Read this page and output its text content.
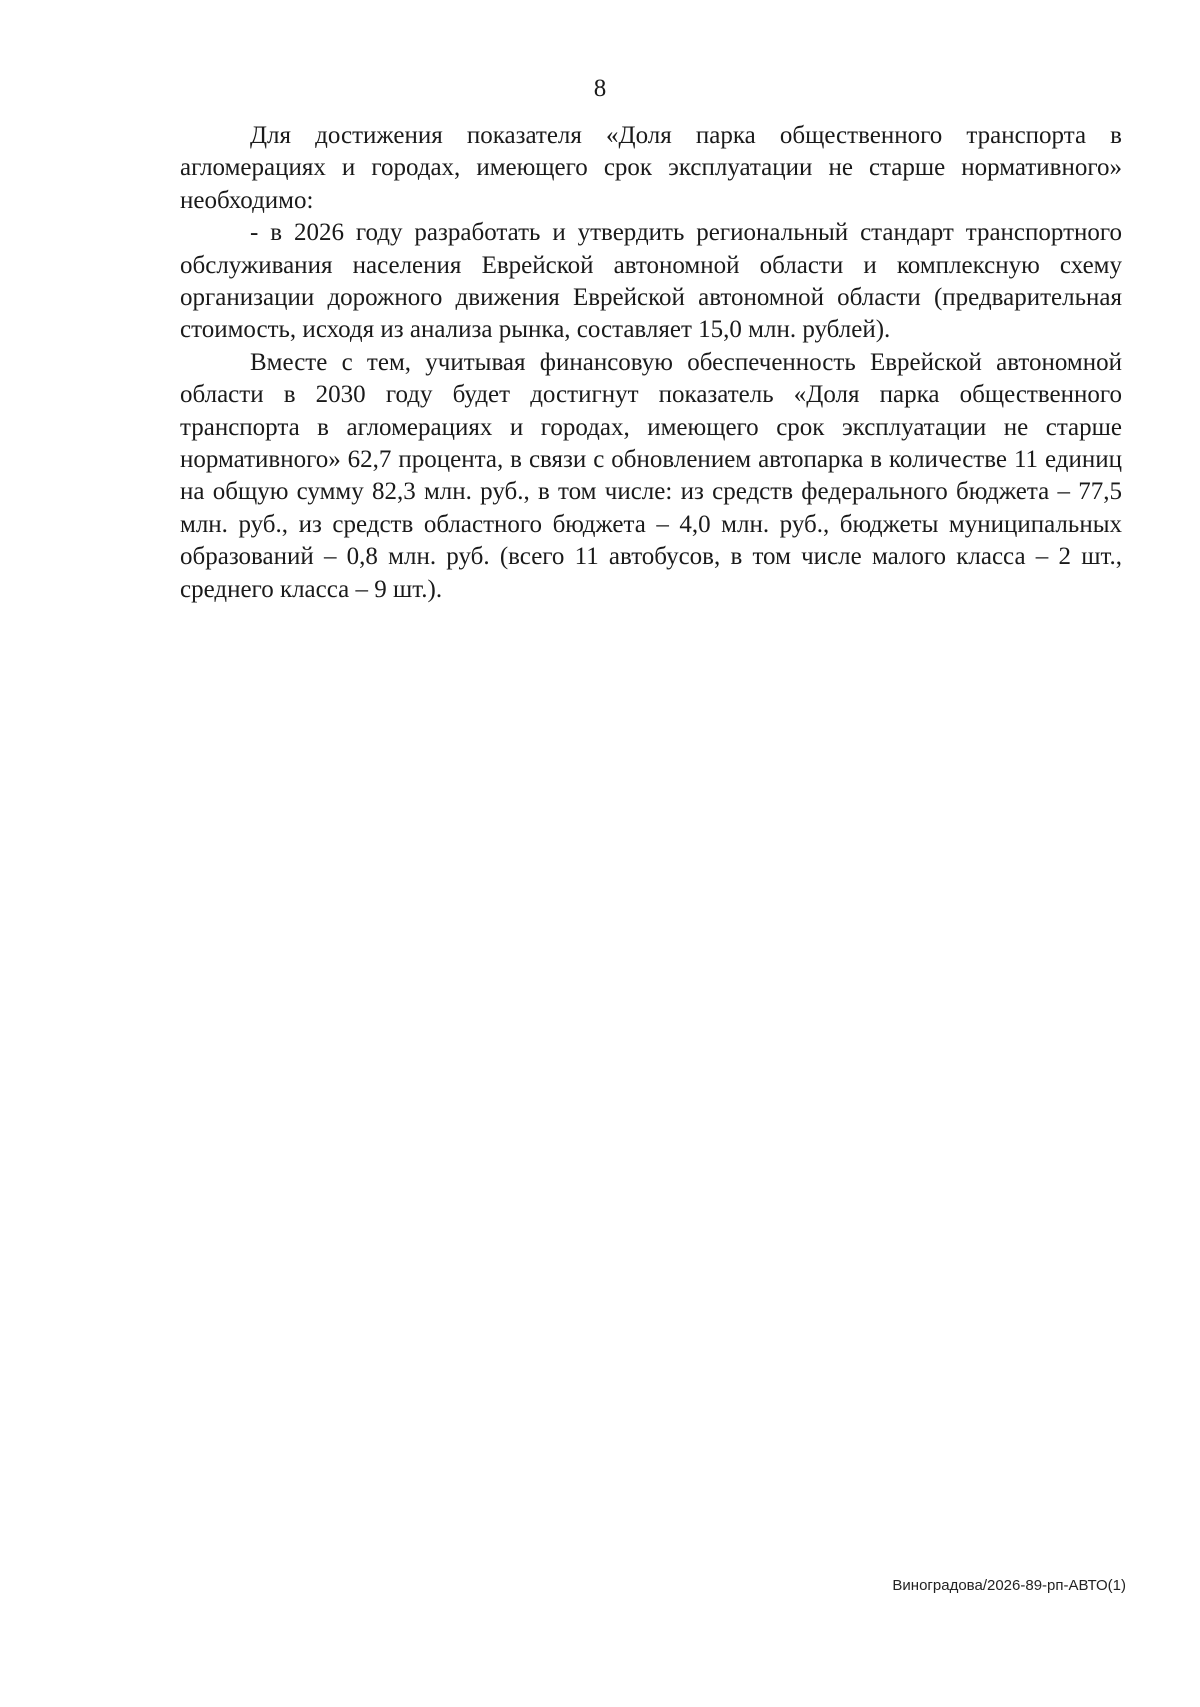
8

Для достижения показателя «Доля парка общественного транспорта в агломерациях и городах, имеющего срок эксплуатации не старше нормативного» необходимо:

- в 2026 году разработать и утвердить региональный стандарт транспортного обслуживания населения Еврейской автономной области и комплексную схему организации дорожного движения Еврейской автономной области (предварительная стоимость, исходя из анализа рынка, составляет 15,0 млн. рублей).

Вместе с тем, учитывая финансовую обеспеченность Еврейской автономной области в 2030 году будет достигнут показатель «Доля парка общественного транспорта в агломерациях и городах, имеющего срок эксплуатации не старше нормативного» 62,7 процента, в связи с обновлением автопарка в количестве 11 единиц на общую сумму 82,3 млн. руб., в том числе: из средств федерального бюджета – 77,5 млн. руб., из средств областного бюджета – 4,0 млн. руб., бюджеты муниципальных образований – 0,8 млн. руб. (всего 11 автобусов, в том числе малого класса – 2 шт., среднего класса – 9 шт.).

Виноградова/2026-89-рп-АВТО(1)
